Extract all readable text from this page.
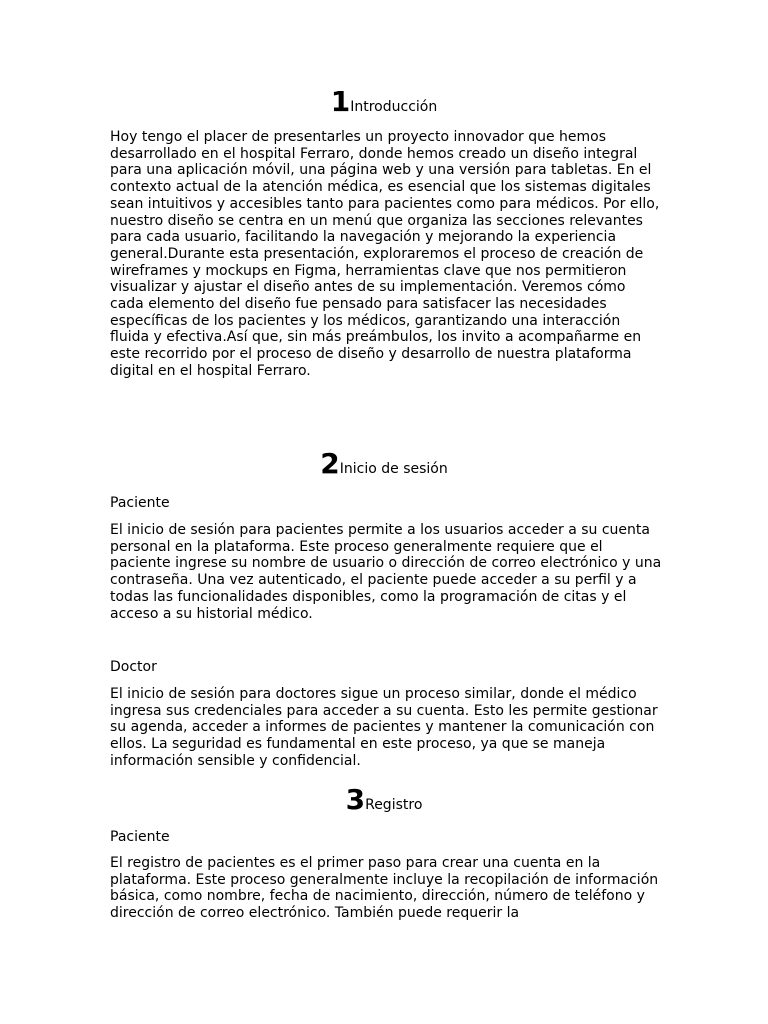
1Introducción

Hoy tengo el placer de presentarles un proyecto innovador que hemos desarrollado en el hospital Ferraro, donde hemos creado un diseño integral para una aplicación móvil, una página web y una versión para tabletas. En el contexto actual de la atención médica, es esencial que los sistemas digitales sean intuitivos y accesibles tanto para pacientes como para médicos. Por ello, nuestro diseño se centra en un menú que organiza las secciones relevantes para cada usuario, facilitando la navegación y mejorando la experiencia general.Durante esta presentación, exploraremos el proceso de creación de wireframes y mockups en Figma, herramientas clave que nos permitieron visualizar y ajustar el diseño antes de su implementación. Veremos cómo cada elemento del diseño fue pensado para satisfacer las necesidades específicas de los pacientes y los médicos, garantizando una interacción fluida y efectiva.Así que, sin más preámbulos, los invito a acompañarme en este recorrido por el proceso de diseño y desarrollo de nuestra plataforma digital en el hospital Ferraro.

2Inicio de sesión
Paciente

El inicio de sesión para pacientes permite a los usuarios acceder a su cuenta personal en la plataforma. Este proceso generalmente requiere que el paciente ingrese su nombre de usuario o dirección de correo electrónico y una contraseña. Una vez autenticado, el paciente puede acceder a su perfil y a todas las funcionalidades disponibles, como la programación de citas y el acceso a su historial médico.

Doctor

El inicio de sesión para doctores sigue un proceso similar, donde el médico ingresa sus credenciales para acceder a su cuenta. Esto les permite gestionar su agenda, acceder a informes de pacientes y mantener la comunicación con ellos. La seguridad es fundamental en este proceso, ya que se maneja información sensible y confidencial.

3Registro
Paciente

El registro de pacientes es el primer paso para crear una cuenta en la plataforma. Este proceso generalmente incluye la recopilación de información básica, como nombre, fecha de nacimiento, dirección, número de teléfono y dirección de correo electrónico. También puede requerir la
